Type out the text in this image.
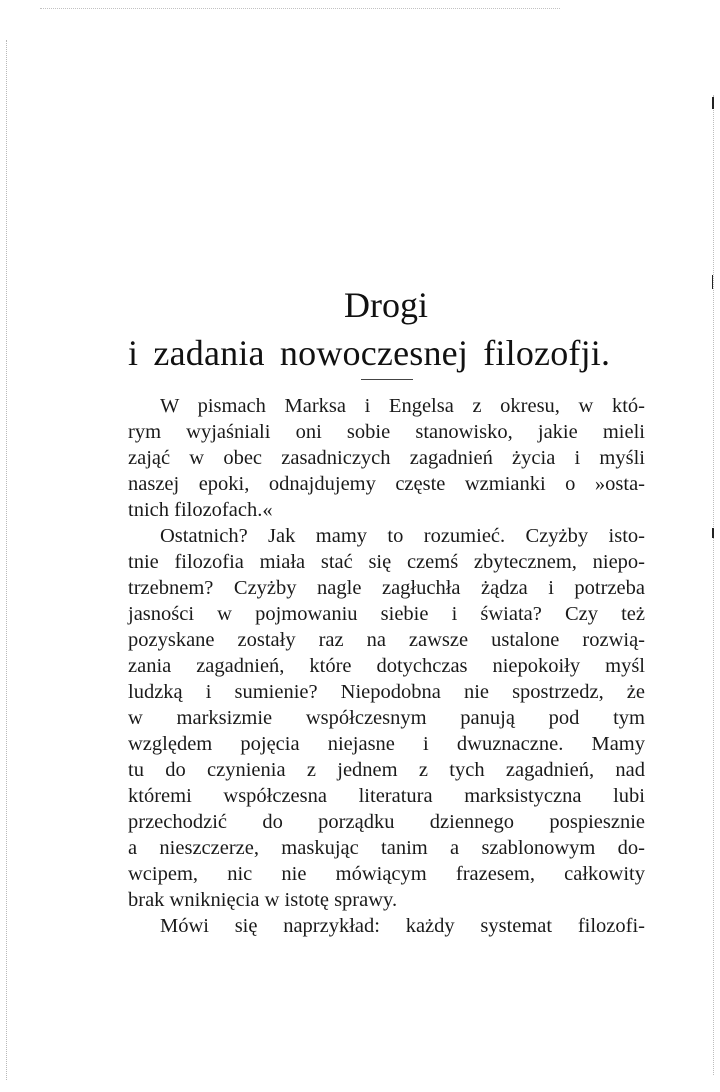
Drogi
i zadania nowoczesnej filozofji.
W pismach Marksa i Engelsa z okresu, w któ-
rym wyjaśniali oni sobie stanowisko, jakie mieli
zająć w obec zasadniczych zagadnień życia i myśli
naszej epoki, odnajdujemy częste wzmianki o »osta-
tnich filozofach.«
Ostatnich? Jak mamy to rozumieć. Czyżby isto-
tnie filozofia miała stać się czemś zbytecznem, niepo-
trzebnem? Czyżby nagle zagłuchła żądza i potrzeba
jasności w pojmowaniu siebie i świata? Czy też
pozyskane zostały raz na zawsze ustalone rozwią-
zania zagadnień, które dotychczas niepokoiły myśl
ludzką i sumienie? Niepodobna nie spostrzedz, że
w marksizmie współczesnym panują pod tym
względem pojęcia niejasne i dwuznaczne. Mamy
tu do czynienia z jednem z tych zagadnień, nad
któremi współczesna literatura marksistyczna lubi
przechodzić do porządku dziennego pospiesznie
a nieszczerze, maskując tanim a szablonowym do-
wcipem, nic nie mówiącym frazesem, całkowity
brak wniknięcia w istotę sprawy.
Mówi się naprzykład: każdy systemat filozofi-
